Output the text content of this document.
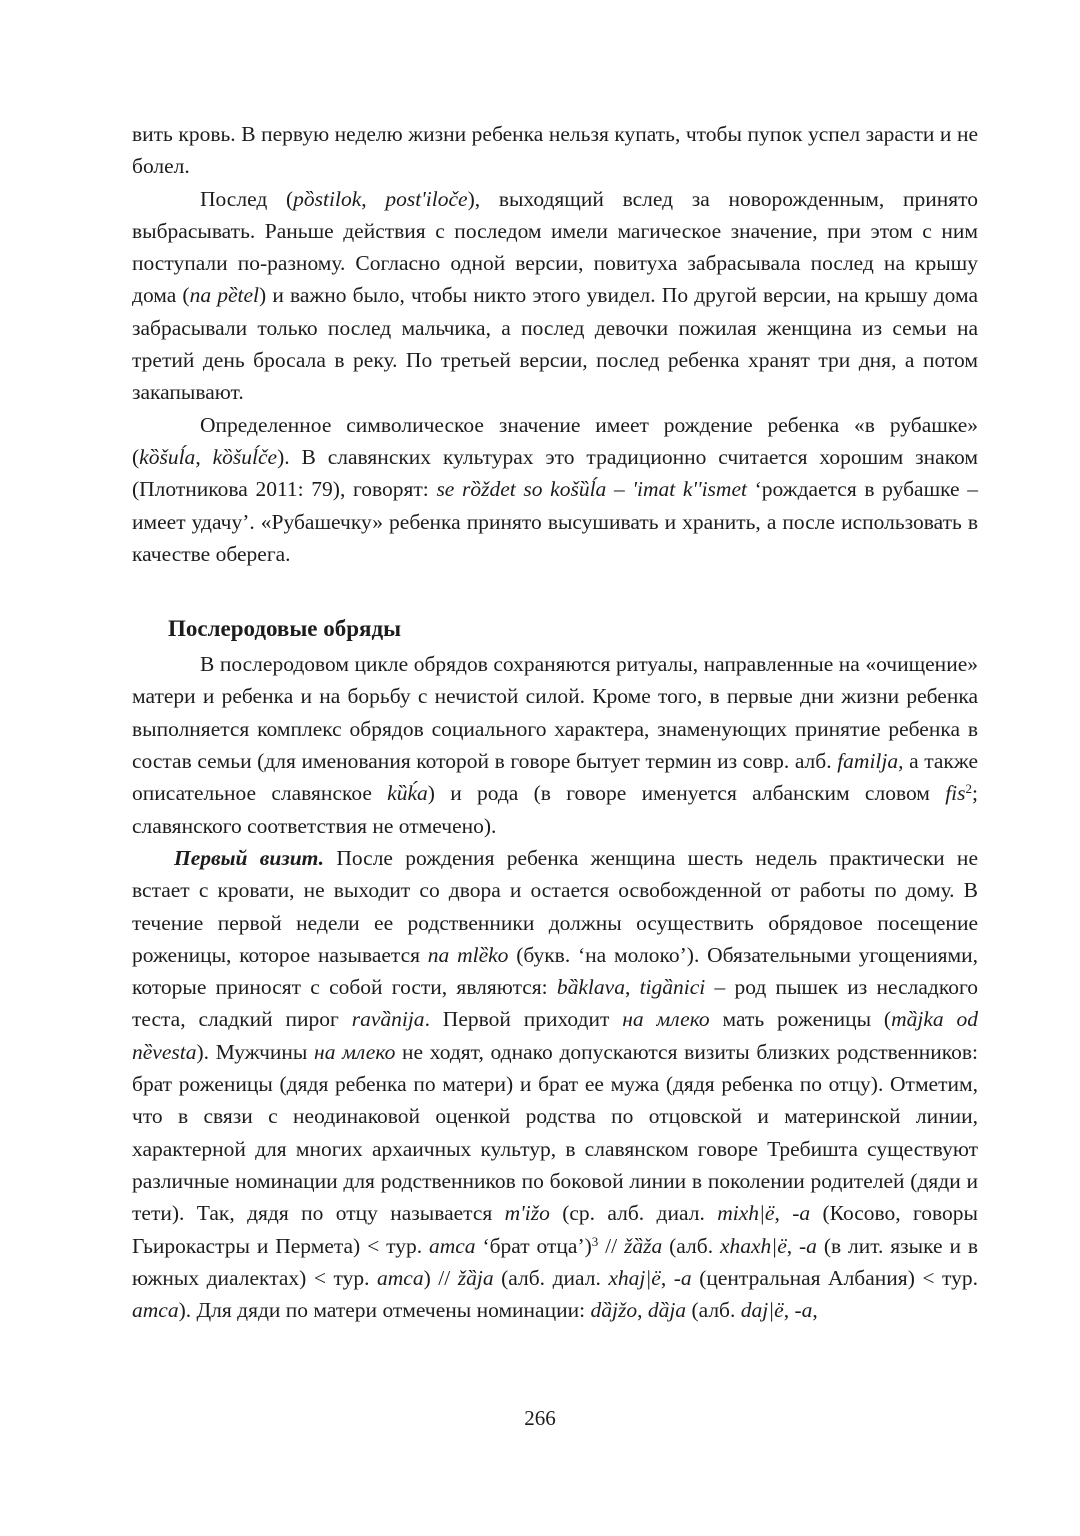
вить кровь. В первую неделю жизни ребенка нельзя купать, чтобы пупок успел зарасти и не болел.

Послед (pȍstilok, post'iloče), выходящий вслед за новорожденным, принято выбрасывать. Раньше действия с последом имели магическое значение, при этом с ним поступали по-разному. Согласно одной версии, повитуха забрасывала послед на крышу дома (na pȅtel) и важно было, чтобы никто этого увидел. По другой версии, на крышу дома забрасывали только послед мальчика, а послед девочки пожилая женщина из семьи на третий день бросала в реку. По третьей версии, послед ребенка хранят три дня, а потом закапывают.

Определенное символическое значение имеет рождение ребенка «в рубашке» (kȍšuĺa, kȍšuĺče). В славянских культурах это традиционно считается хорошим знаком (Плотникова 2011: 79), говорят: se rȍždet so košȕĺa – 'imat k''ismet ‘рождается в рубашке – имеет удачу’. «Рубашечку» ребенка принято высушивать и хранить, а после использовать в качестве оберега.

Послеродовые обряды

В послеродовом цикле обрядов сохраняются ритуалы, направленные на «очищение» матери и ребенка и на борьбу с нечистой силой. Кроме того, в первые дни жизни ребенка выполняется комплекс обрядов социального характера, знаменующих принятие ребенка в состав семьи (для именования которой в говоре бытует термин из совр. алб. familja, а также описательное славянское kȕḱa) и рода (в говоре именуется албанским словом fis$^2$; славянского соответствия не отмечено).

Первый визит. После рождения ребенка женщина шесть недель практически не встает с кровати, не выходит со двора и остается освобожденной от работы по дому. В течение первой недели ее родственники должны осуществить обрядовое посещение роженицы, которое называется na mlȅko (букв. ‘на молоко’). Обязательными угощениями, которые приносят с собой гости, являются: bȁklava, tigȁnici – род пышек из несладкого теста, сладкий пирог ravȁnija. Первой приходит на млеко мать роженицы (mȁjka od nȅvesta). Мужчины на млеко не ходят, однако допускаются визиты близких родственников: брат роженицы (дядя ребенка по матери) и брат ее мужа (дядя ребенка по отцу). Отметим, что в связи с неодинаковой оценкой родства по отцовской и материнской линии, характерной для многих архаичных культур, в славянском говоре Требишта существуют различные номинации для родственников по боковой линии в поколении родителей (дяди и тети). Так, дядя по отцу называется m'ižo (ср. алб. диал. mixh|ë, -a (Косово, говоры Гьирокастры и Пермета) < тур. amca ‘брат отца’)$^3$ // žȁža (алб. xhaxh|ë, -a (в лит. языке и в южных диалектах) < тур. amca) // žȁja (алб. диал. xhaj|ë, -a (центральная Албания) < тур. amca). Для дяди по матери отмечены номинации: dȁjžo, dȁja (алб. daj|ë, -a,

266
